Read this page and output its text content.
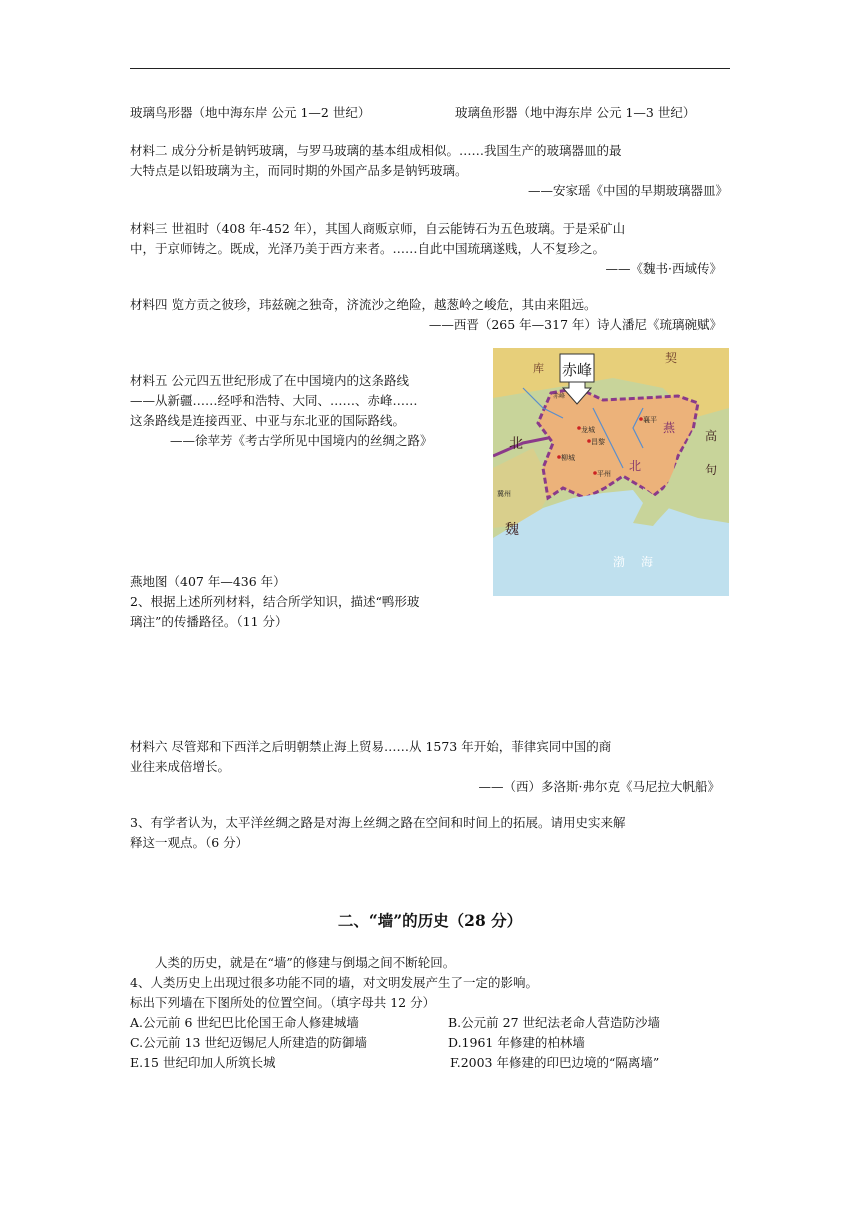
玻璃鸟形器（地中海东岸 公元 1—2 世纪）	玻璃鱼形器（地中海东岸 公元 1—3 世纪）
材料二 成分分析是钠钙玻璃，与罗马玻璃的基本组成相似。……我国生产的玻璃器皿的最
大特点是以铅玻璃为主，而同时期的外国产品多是钠钙玻璃。
——安家瑶《中国的早期玻璃器皿》
材料三 世祖时（408 年-452 年），其国人商贩京师，自云能铸石为五色玻璃。于是采矿山
中，于京师铸之。既成，光泽乃美于西方来者。……自此中国琉璃遂贱，人不复珍之。
——《魏书·西域传》
材料四 览方贡之彼珍，玮兹碗之独奇，济流沙之绝险，越葱岭之峻危，其由来阻远。
——西晋（265 年—317 年）诗人潘尼《琉璃碗赋》
材料五 公元四五世纪形成了在中国境内的这条路线
——从新疆……经呼和浩特、大同、……、赤峰……
这条路线是连接西亚、中亚与东北亚的国际路线。
——徐苹芳《考古学所见中国境内的丝绸之路》
赤峰
库
契
北
燕
北
高
句
魏
渤 海
龙城
昌黎
襄平
柳城
平州
赤峰
冀州
燕地图（407 年—436 年）
2、根据上述所列材料，结合所学知识，描述“鸭形玻
璃注”的传播路径。（11 分）
材料六 尽管郑和下西洋之后明朝禁止海上贸易……从 1573 年开始，菲律宾同中国的商
业往来成倍增长。
——（西）多洛斯·弗尔克《马尼拉大帆船》
3、有学者认为，太平洋丝绸之路是对海上丝绸之路在空间和时间上的拓展。请用史实来解
释这一观点。（6 分）
二、“墙”的历史（28 分）
人类的历史，就是在“墙”的修建与倒塌之间不断轮回。
4、人类历史上出现过很多功能不同的墙，对文明发展产生了一定的影响。
标出下列墙在下图所处的位置空间。（填字母共 12 分）
A.公元前 6 世纪巴比伦国王命人修建城墙	B.公元前 27 世纪法老命人营造防沙墙
C.公元前 13 世纪迈锡尼人所建造的防御墙	D.1961 年修建的柏林墙
E.15 世纪印加人所筑长城	F.2003 年修建的印巴边境的“隔离墙”
